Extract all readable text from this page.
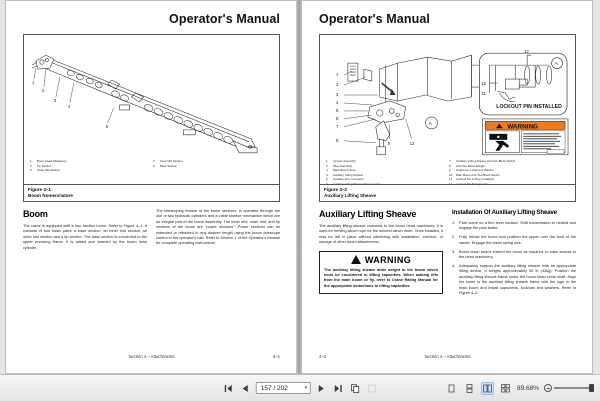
Operator's Manual
1
2
3
4
5
1.	Boom Head Machinery
2.	Tip Section
3.	Outer Mid Section
4.	Inner Mid Section
5.	Base Section
Figure 4–1
Boom Nomenclature
Boom

The crane is equipped with a four section boom. Refer to Figure 4–1. It consists of four basic parts: a base section, an inner mid section, an outer mid section and a tip section. The base section is connected to the upper revolving frame. It is raised and lowered by the boom hoist cylinder.

The telescoping feature of the boom sections, is operated through the use of two hydraulic cylinders and a cable sheave mechanism which are an integral part of the boom assembly. The inner mid, outer mid, and tip sections of the boom are “power sections”. Power sections can be extended or retracted to any desired length using the boom telescope control in the operator's cab. Refer to Section 1 of the Operator's Manual for complete operating instructions.

Section 4 – Attachments	4–1
Operator's Manual
1
2
3
4
5
6
7
8
9	12
A
A
12
10
11
LOCKOUT PIN INSTALLED
WARNING
1.	Jumper Assembly
2.	Plug Assembly
3.	Main Boom Head
4.	Auxiliary Lifting Sheave
5.	Auxiliary Arm Connector
6.	Auxiliary Lifting Sheave Rope Guard
7.	Auxiliary Lifting Sheave Anti-Two Block Switch
8.	Anti-Two Block Weight
9.	Capscrew, Locknut & Washer
10.	Main Boom Anti-Two Block Switch
11.	Lockout Pin & Plug (installed)
12.	Lockout Pin Storage Hole
Figure 4–2
Auxiliary Lifting Sheave
Auxiliary Lifting Sheave

The auxiliary lifting sheave connects to the boom head machinery. It is used for reeving winch rope for the second winch drum. Once installed, it may be left in place without interfering with installation, erection, or storage of other boom attachments.

WARNING

The auxiliary lifting sheave adds weight to the boom which must be considered in lifting capacities. When making lifts from the main boom or fly, refer to Crane Rating Manual for the appropriate deductions to lifting capacities.

Installation Of Auxiliary Lifting Sheave
1. Park crane on a firm level surface. Shift transmission to neutral and engage the park brake.
2. Fully retract the boom and position the upper over the front of the carrier. Engage the travel swing lock.
3. Boom down and/or extend the boom as required, to ease access to the head machinery.
4. Adequately support the auxiliary lifting sheave with an appropriate lifting device. It weighs approximately 95 lb (43kg). Position the auxiliary lifting sheave frame under the boom head cross shaft. Align the holes in the auxiliary lifting sheave frame with the lugs in the main boom and install capscrews, locknuts and washers. Refer to Figure 4–2.
4–2	Section 4 – Attachments
157 / 202	▾	89.68%
